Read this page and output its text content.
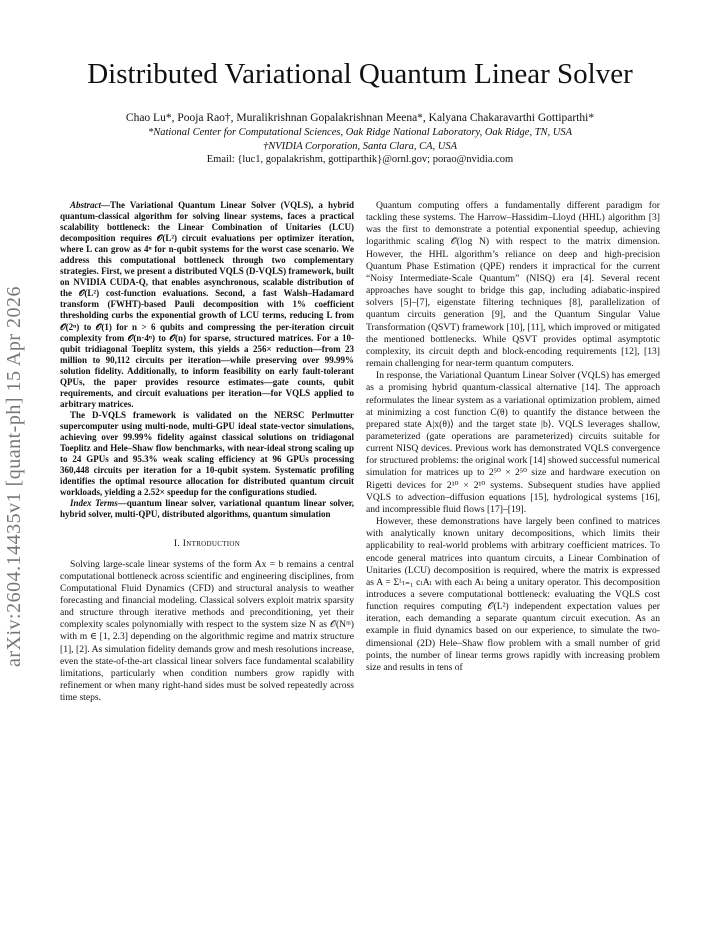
arXiv:2604.14435v1 [quant-ph] 15 Apr 2026
Distributed Variational Quantum Linear Solver
Chao Lu*, Pooja Rao†, Muralikrishnan Gopalakrishnan Meena*, Kalyana Chakaravarthi Gottiparthi*
*National Center for Computational Sciences, Oak Ridge National Laboratory, Oak Ridge, TN, USA
†NVIDIA Corporation, Santa Clara, CA, USA
Email: {luc1, gopalakrishm, gottiparthik}@ornl.gov; porao@nvidia.com

Abstract—The Variational Quantum Linear Solver (VQLS), a hybrid quantum-classical algorithm for solving linear systems, faces a practical scalability bottleneck: the Linear Combination of Unitaries (LCU) decomposition requires 𝒪(L²) circuit evaluations per optimizer iteration, where L can grow as 4ⁿ for n-qubit systems for the worst case scenario. We address this computational bottleneck through two complementary strategies. First, we present a distributed VQLS (D-VQLS) framework, built on NVIDIA CUDA-Q, that enables asynchronous, scalable distribution of the 𝒪(L²) cost-function evaluations. Second, a fast Walsh–Hadamard transform (FWHT)-based Pauli decomposition with 1% coefficient thresholding curbs the exponential growth of LCU terms, reducing L from 𝒪(2ⁿ) to 𝒪(1) for n > 6 qubits and compressing the per-iteration circuit complexity from 𝒪(n·4ⁿ) to 𝒪(n) for sparse, structured matrices. For a 10-qubit tridiagonal Toeplitz system, this yields a 256× reduction—from 23 million to 90,112 circuits per iteration—while preserving over 99.99% solution fidelity. Additionally, to inform feasibility on early fault-tolerant QPUs, the paper provides resource estimates—gate counts, qubit requirements, and circuit evaluations per iteration—for VQLS applied to arbitrary matrices.

The D-VQLS framework is validated on the NERSC Perlmutter supercomputer using multi-node, multi-GPU ideal state-vector simulations, achieving over 99.99% fidelity against classical solutions on tridiagonal Toeplitz and Hele–Shaw flow benchmarks, with near-ideal strong scaling up to 24 GPUs and 95.3% weak scaling efficiency at 96 GPUs processing 360,448 circuits per iteration for a 10-qubit system. Systematic profiling identifies the optimal resource allocation for distributed quantum circuit workloads, yielding a 2.52× speedup for the configurations studied.

Index Terms—quantum linear solver, variational quantum linear solver, hybrid solver, multi-QPU, distributed algorithms, quantum simulation

I. Introduction

Solving large-scale linear systems of the form Ax = b remains a central computational bottleneck across scientific and engineering disciplines, from Computational Fluid Dynamics (CFD) and structural analysis to weather forecasting and financial modeling. Classical solvers exploit matrix sparsity and structure through iterative methods and preconditioning, yet their complexity scales polynomially with respect to the system size N as 𝒪(Nᵐ) with m ∈ [1, 2.3] depending on the algorithmic regime and matrix structure [1], [2]. As simulation fidelity demands grow and mesh resolutions increase, even the state-of-the-art classical linear solvers face fundamental scalability limitations, particularly when condition numbers grow rapidly with refinement or when many right-hand sides must be solved repeatedly across time steps.

Quantum computing offers a fundamentally different paradigm for tackling these systems. The Harrow–Hassidim–Lloyd (HHL) algorithm [3] was the first to demonstrate a potential exponential speedup, achieving logarithmic scaling 𝒪(log N) with respect to the matrix dimension. However, the HHL algorithm’s reliance on deep and high-precision Quantum Phase Estimation (QPE) renders it impractical for the current “Noisy Intermediate-Scale Quantum” (NISQ) era [4]. Several recent approaches have sought to bridge this gap, including adiabatic-inspired solvers [5]–[7], eigenstate filtering techniques [8], parallelization of quantum circuits generation [9], and the Quantum Singular Value Transformation (QSVT) framework [10], [11], which improved or mitigated the mentioned bottlenecks. While QSVT provides optimal asymptotic complexity, its circuit depth and block-encoding requirements [12], [13] remain challenging for near-term quantum computers.

In response, the Variational Quantum Linear Solver (VQLS) has emerged as a promising hybrid quantum-classical alternative [14]. The approach reformulates the linear system as a variational optimization problem, aimed at minimizing a cost function C(θ) to quantify the distance between the prepared state A|x(θ)⟩ and the target state |b⟩. VQLS leverages shallow, parameterized (gate operations are parameterized) circuits suitable for current NISQ devices. Previous work has demonstrated VQLS convergence for structured problems: the original work [14] showed successful numerical simulation for matrices up to 2⁵⁰ × 2⁵⁰ size and hardware execution on Rigetti devices for 2¹⁰ × 2¹⁰ systems. Subsequent studies have applied VQLS to advection–diffusion equations [15], hydrological systems [16], and incompressible fluid flows [17]–[19].

However, these demonstrations have largely been confined to matrices with analytically known unitary decompositions, which limits their applicability to real-world problems with arbitrary coefficient matrices. To encode general matrices into quantum circuits, a Linear Combination of Unitaries (LCU) decomposition is required, where the matrix is expressed as A = Σᴸₗ₌₁ cₗAₗ with each Aₗ being a unitary operator. This decomposition introduces a severe computational bottleneck: evaluating the VQLS cost function requires computing 𝒪(L²) independent expectation values per iteration, each demanding a separate quantum circuit execution. As an example in fluid dynamics based on our experience, to simulate the two-dimensional (2D) Hele–Shaw flow problem with a small number of grid points, the number of linear terms grows rapidly with increasing problem size and results in tens of
